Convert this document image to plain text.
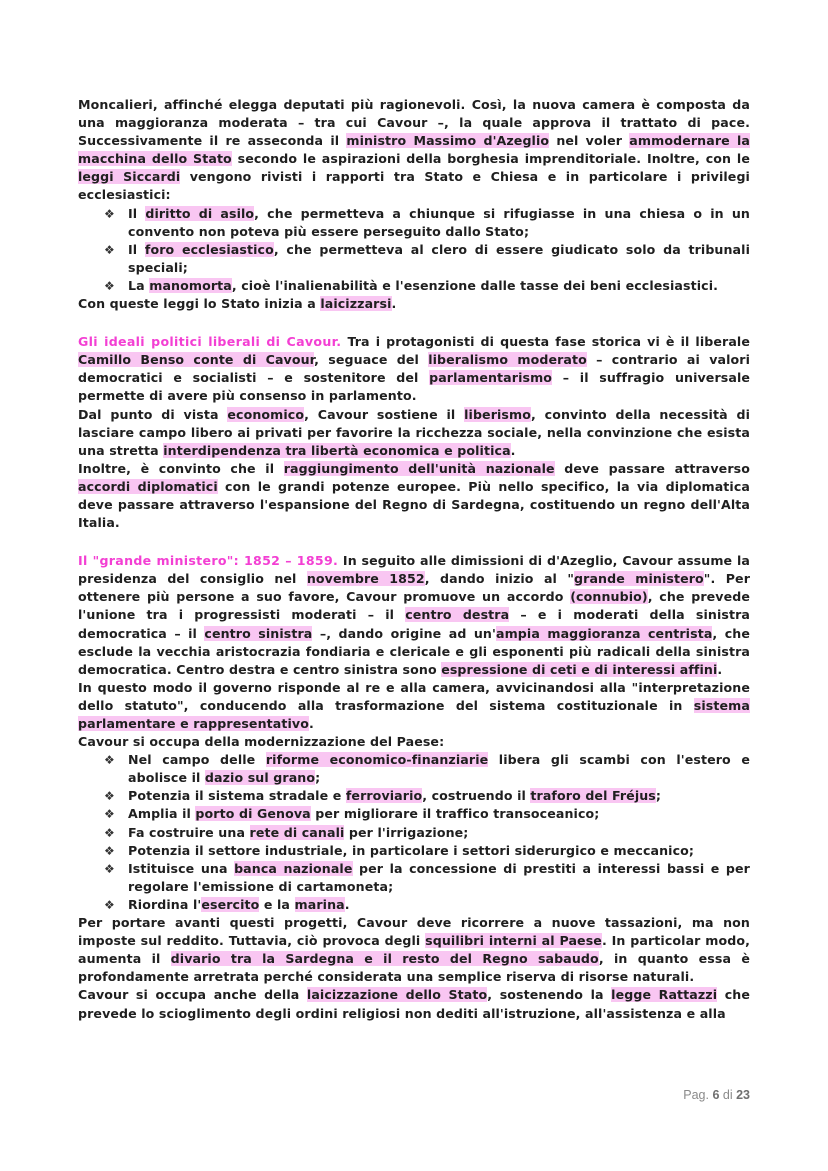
Moncalieri, affinché elegga deputati più ragionevoli. Così, la nuova camera è composta da una maggioranza moderata – tra cui Cavour –, la quale approva il trattato di pace. Successivamente il re asseconda il ministro Massimo d'Azeglio nel voler ammodernare la macchina dello Stato secondo le aspirazioni della borghesia imprenditoriale. Inoltre, con le leggi Siccardi vengono rivisti i rapporti tra Stato e Chiesa e in particolare i privilegi ecclesiastici:

❖ Il diritto di asilo, che permetteva a chiunque si rifugiasse in una chiesa o in un convento non poteva più essere perseguito dallo Stato;
❖ Il foro ecclesiastico, che permetteva al clero di essere giudicato solo da tribunali speciali;
❖ La manomorta, cioè l'inalienabilità e l'esenzione dalle tasse dei beni ecclesiastici.

Con queste leggi lo Stato inizia a laicizzarsi.

Gli ideali politici liberali di Cavour. Tra i protagonisti di questa fase storica vi è il liberale Camillo Benso conte di Cavour, seguace del liberalismo moderato – contrario ai valori democratici e socialisti – e sostenitore del parlamentarismo – il suffragio universale permette di avere più consenso in parlamento.

Dal punto di vista economico, Cavour sostiene il liberismo, convinto della necessità di lasciare campo libero ai privati per favorire la ricchezza sociale, nella convinzione che esista una stretta interdipendenza tra libertà economica e politica.

Inoltre, è convinto che il raggiungimento dell'unità nazionale deve passare attraverso accordi diplomatici con le grandi potenze europee. Più nello specifico, la via diplomatica deve passare attraverso l'espansione del Regno di Sardegna, costituendo un regno dell'Alta Italia.

Il "grande ministero": 1852 – 1859. In seguito alle dimissioni di d'Azeglio, Cavour assume la presidenza del consiglio nel novembre 1852, dando inizio al "grande ministero". Per ottenere più persone a suo favore, Cavour promuove un accordo (connubio), che prevede l'unione tra i progressisti moderati – il centro destra – e i moderati della sinistra democratica – il centro sinistra –, dando origine ad un'ampia maggioranza centrista, che esclude la vecchia aristocrazia fondiaria e clericale e gli esponenti più radicali della sinistra democratica. Centro destra e centro sinistra sono espressione di ceti e di interessi affini.

In questo modo il governo risponde al re e alla camera, avvicinandosi alla "interpretazione dello statuto", conducendo alla trasformazione del sistema costituzionale in sistema parlamentare e rappresentativo.

Cavour si occupa della modernizzazione del Paese:

❖ Nel campo delle riforme economico-finanziarie libera gli scambi con l'estero e abolisce il dazio sul grano;
❖ Potenzia il sistema stradale e ferroviario, costruendo il traforo del Fréjus;
❖ Amplia il porto di Genova per migliorare il traffico transoceanico;
❖ Fa costruire una rete di canali per l'irrigazione;
❖ Potenzia il settore industriale, in particolare i settori siderurgico e meccanico;
❖ Istituisce una banca nazionale per la concessione di prestiti a interessi bassi e per regolare l'emissione di cartamoneta;
❖ Riordina l'esercito e la marina.

Per portare avanti questi progetti, Cavour deve ricorrere a nuove tassazioni, ma non imposte sul reddito. Tuttavia, ciò provoca degli squilibri interni al Paese. In particolar modo, aumenta il divario tra la Sardegna e il resto del Regno sabaudo, in quanto essa è profondamente arretrata perché considerata una semplice riserva di risorse naturali.

Cavour si occupa anche della laicizzazione dello Stato, sostenendo la legge Rattazzi che prevede lo scioglimento degli ordini religiosi non dediti all'istruzione, all'assistenza e alla

Pag. 6 di 23
